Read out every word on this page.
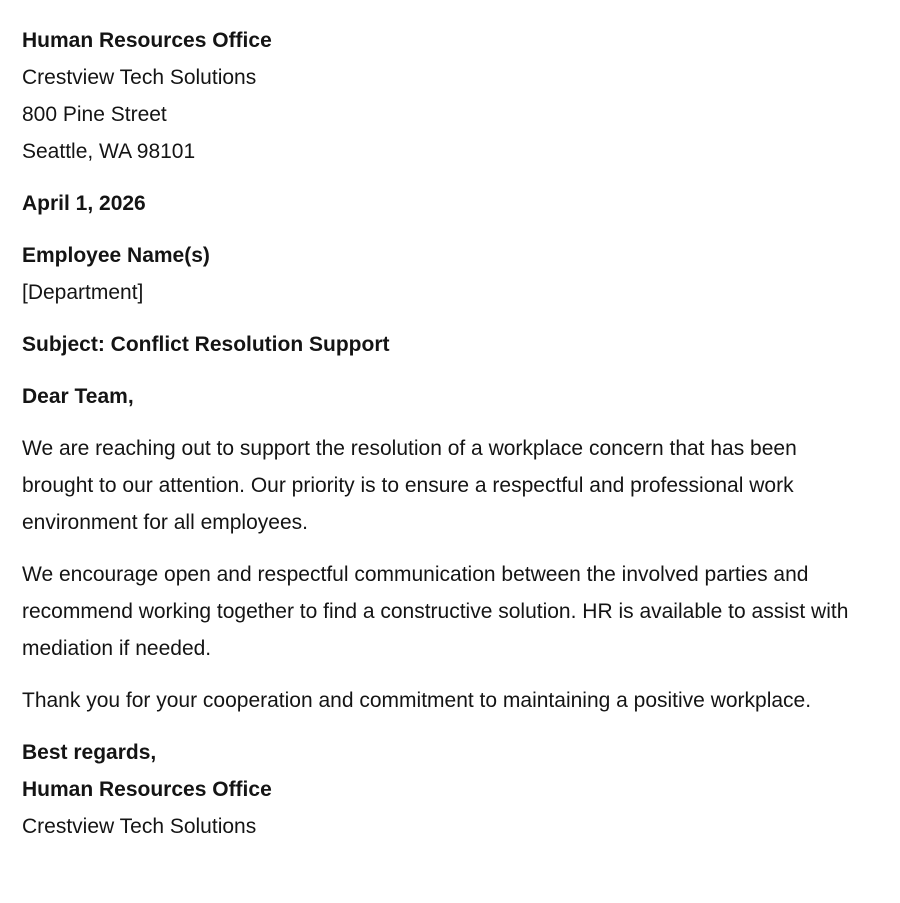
Human Resources Office
Crestview Tech Solutions
800 Pine Street
Seattle, WA 98101
April 1, 2026
Employee Name(s)
[Department]
Subject: Conflict Resolution Support
Dear Team,

We are reaching out to support the resolution of a workplace concern that has been brought to our attention. Our priority is to ensure a respectful and professional work environment for all employees.

We encourage open and respectful communication between the involved parties and recommend working together to find a constructive solution. HR is available to assist with mediation if needed.

Thank you for your cooperation and commitment to maintaining a positive workplace.

Best regards,
Human Resources Office
Crestview Tech Solutions
